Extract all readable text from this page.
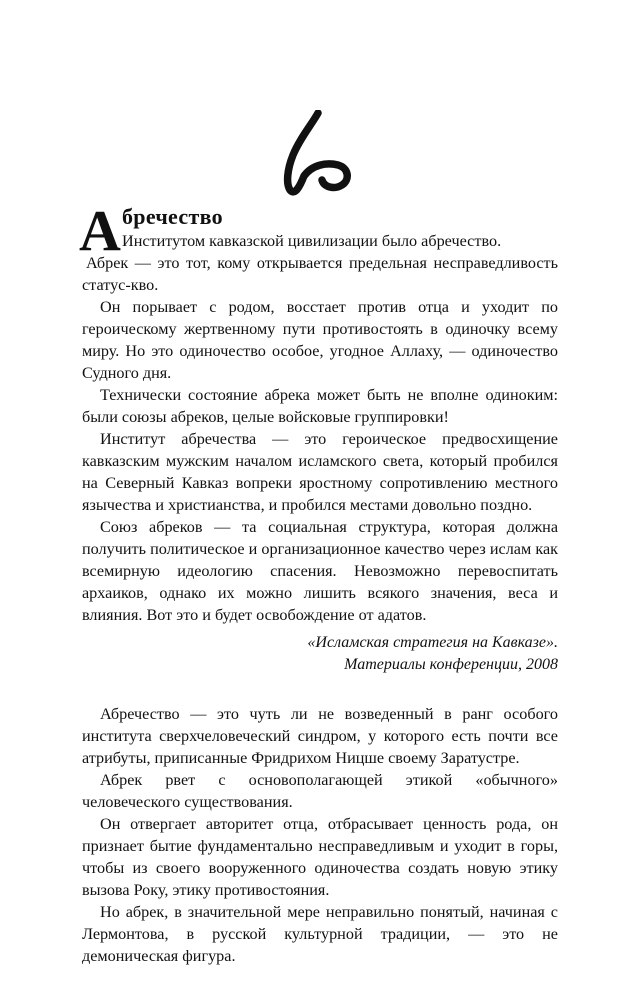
А бречество

Институтом кавказской цивилизации было абречество.

Абрек — это тот, кому открывается предельная несправедливость статус-кво.

Он порывает с родом, восстает против отца и уходит по героическому жертвенному пути противостоять в одиночку всему миру. Но это одиночество особое, угодное Аллаху, — одиночество Судного дня.

Технически состояние абрека может быть не вполне одиноким: были союзы абреков, целые войсковые группировки!

Институт абречества — это героическое предвосхищение кавказским мужским началом исламского света, который пробился на Северный Кавказ вопреки яростному сопротивлению местного язычества и христианства, и пробился местами довольно поздно.

Союз абреков — та социальная структура, которая должна получить политическое и организационное качество через ислам как всемирную идеологию спасения. Невозможно перевоспитать архаиков, однако их можно лишить всякого значения, веса и влияния. Вот это и будет освобождение от адатов.

«Исламская стратегия на Кавказе».
Материалы конференции, 2008

Абречество — это чуть ли не возведенный в ранг особого института сверхчеловеческий синдром, у которого есть почти все атрибуты, приписанные Фридрихом Ницше своему Заратустре.

Абрек рвет с основополагающей этикой «обычного» человеческого существования.

Он отвергает авторитет отца, отбрасывает ценность рода, он признает бытие фундаментально несправедливым и уходит в горы, чтобы из своего вооруженного одиночества создать новую этику вызова Року, этику противостояния.

Но абрек, в значительной мере неправильно понятый, начиная с Лермонтова, в русской культурной традиции, — это не демоническая фигура.
